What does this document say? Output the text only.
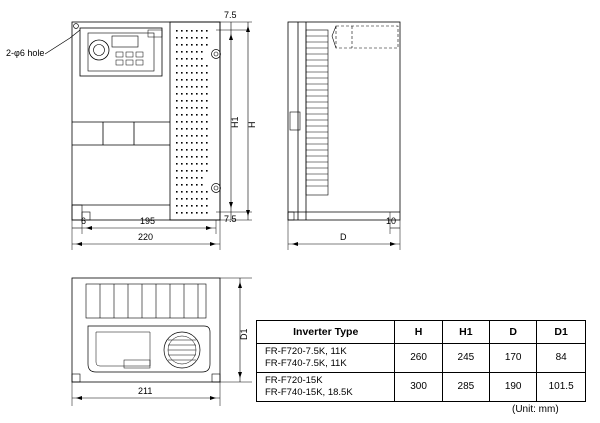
2-φ6 hole
7.5
7.5
H1 H
6	195
220
10
D
D1
211
Inverter Type	H	H1	D	D1

FR-F720-7.5K, 11K
FR-F740-7.5K, 11K	260	245	170	84

FR-F720-15K
FR-F740-15K, 18.5K	300	285	190	101.5
(Unit: mm)
